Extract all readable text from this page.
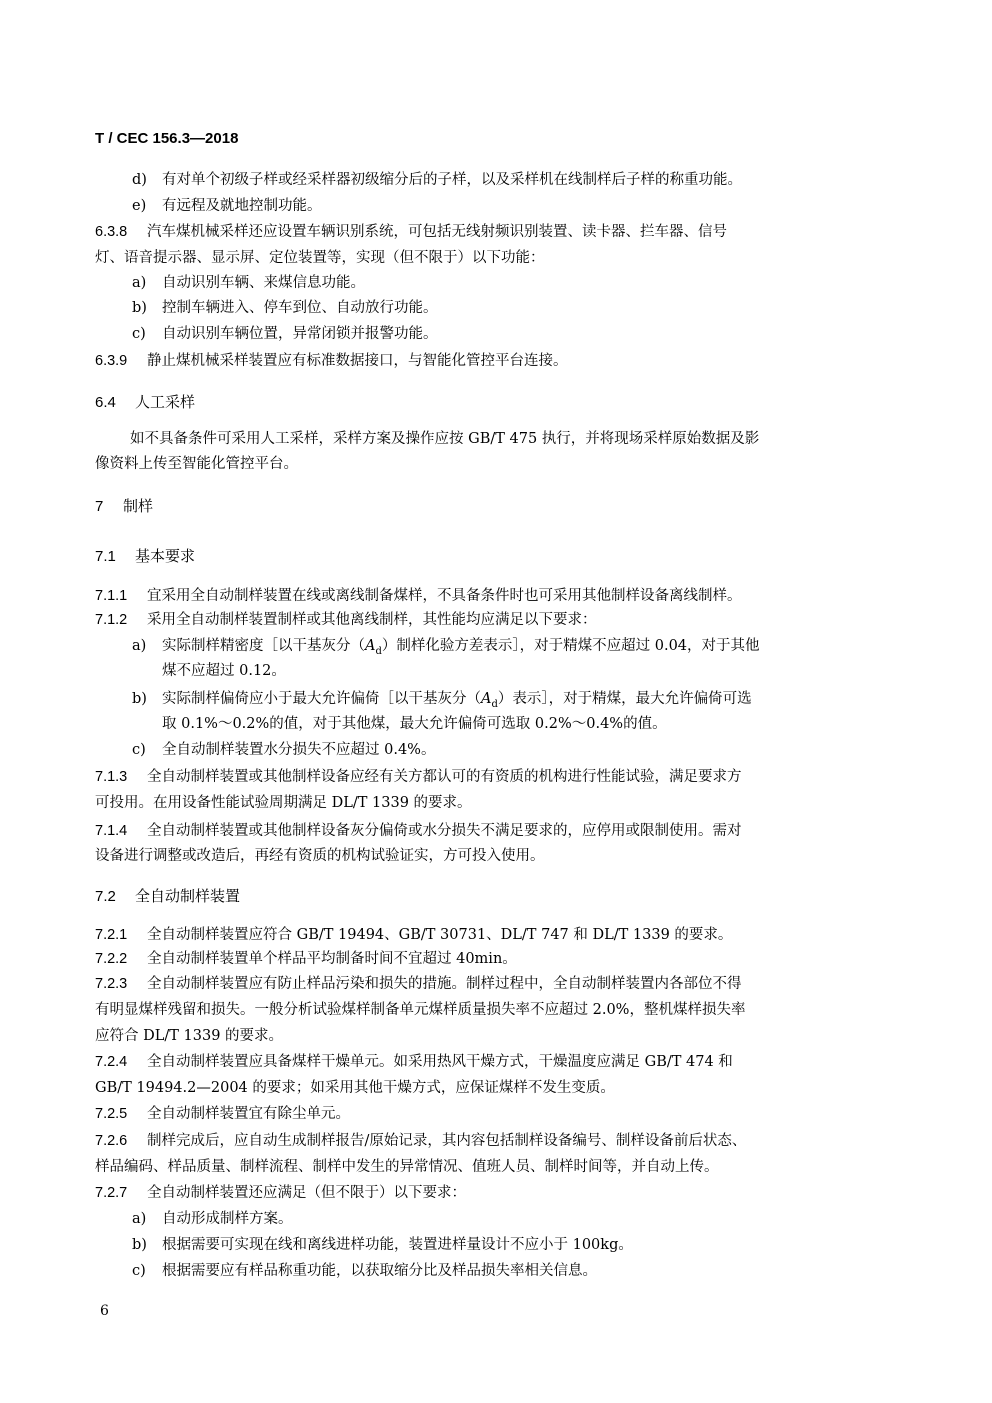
T / CEC 156.3—2018
d) 有对单个初级子样或经采样器初级缩分后的子样，以及采样机在线制样后子样的称重功能。
e) 有远程及就地控制功能。
6.3.8 汽车煤机械采样还应设置车辆识别系统，可包括无线射频识别装置、读卡器、拦车器、信号
灯、语音提示器、显示屏、定位装置等，实现（但不限于）以下功能：
a) 自动识别车辆、来煤信息功能。
b) 控制车辆进入、停车到位、自动放行功能。
c) 自动识别车辆位置，异常闭锁并报警功能。
6.3.9 静止煤机械采样装置应有标准数据接口，与智能化管控平台连接。
6.4 人工采样
如不具备条件可采用人工采样，采样方案及操作应按 GB/T 475 执行，并将现场采样原始数据及影
像资料上传至智能化管控平台。
7 制样
7.1 基本要求
7.1.1 宜采用全自动制样装置在线或离线制备煤样，不具备条件时也可采用其他制样设备离线制样。
7.1.2 采用全自动制样装置制样或其他离线制样，其性能均应满足以下要求：
a) 实际制样精密度［以干基灰分$(A_d)$制样化验方差表示］，对于精煤不应超过 0.04，对于其他
煤不应超过 0.12。
b) 实际制样偏倚应小于最大允许偏倚［以干基灰分$(A_d)$表示］，对于精煤，最大允许偏倚可选
取 0.1%～0.2%的值，对于其他煤，最大允许偏倚可选取 0.2%～0.4%的值。
c) 全自动制样装置水分损失不应超过 0.4%。
7.1.3 全自动制样装置或其他制样设备应经有关方都认可的有资质的机构进行性能试验，满足要求方
可投用。在用设备性能试验周期满足 DL/T 1339 的要求。
7.1.4 全自动制样装置或其他制样设备灰分偏倚或水分损失不满足要求的，应停用或限制使用。需对
设备进行调整或改造后，再经有资质的机构试验证实，方可投入使用。
7.2 全自动制样装置
7.2.1 全自动制样装置应符合 GB/T 19494、GB/T 30731、DL/T 747 和 DL/T 1339 的要求。
7.2.2 全自动制样装置单个样品平均制备时间不宜超过 40min。
7.2.3 全自动制样装置应有防止样品污染和损失的措施。制样过程中，全自动制样装置内各部位不得
有明显煤样残留和损失。一般分析试验煤样制备单元煤样质量损失率不应超过 2.0%，整机煤样损失率
应符合 DL/T 1339 的要求。
7.2.4 全自动制样装置应具备煤样干燥单元。如采用热风干燥方式，干燥温度应满足 GB/T 474 和
GB/T 19494.2—2004 的要求；如采用其他干燥方式，应保证煤样不发生变质。
7.2.5 全自动制样装置宜有除尘单元。
7.2.6 制样完成后，应自动生成制样报告/原始记录，其内容包括制样设备编号、制样设备前后状态、
样品编码、样品质量、制样流程、制样中发生的异常情况、值班人员、制样时间等，并自动上传。
7.2.7 全自动制样装置还应满足（但不限于）以下要求：
a) 自动形成制样方案。
b) 根据需要可实现在线和离线进样功能，装置进样量设计不应小于 100kg。
c) 根据需要应有样品称重功能，以获取缩分比及样品损失率相关信息。
6
